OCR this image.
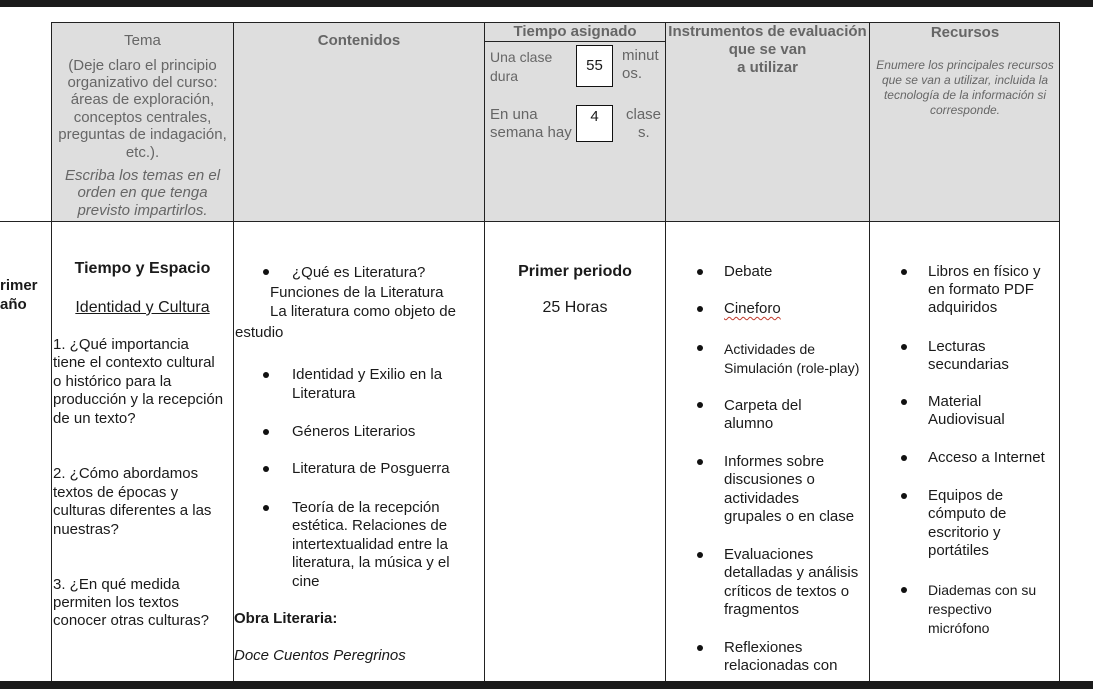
Tema
(Deje claro el principio
organizativo del curso:
áreas de exploración,
conceptos centrales,
preguntas de indagación,
etc.).
Escriba los temas en el
orden en que tenga
previsto impartirlos.
Contenidos
Tiempo asignado
Una clase
dura
55
minut
os.
En una
semana hay
4	clase
s.
Instrumentos de evaluación
que se van
a utilizar
Recursos
Enumere los principales recursos
que se van a utilizar, incluida la
tecnología de la información si
corresponde.
rimer
año
Tiempo y Espacio
Identidad y Cultura
1. ¿Qué importancia
tiene el contexto cultural
o histórico para la
producción y la recepción
de un texto?
2. ¿Cómo abordamos
textos de épocas y
culturas diferentes a las
nuestras?
3. ¿En qué medida
permiten los textos
conocer otras culturas?
¿Qué es Literatura?
Funciones de la Literatura
La literatura como objeto de
estudio
Identidad y Exilio en la
Literatura
Géneros Literarios
Literatura de Posguerra
Teoría de la recepción
estética. Relaciones de
intertextualidad entre la
literatura, la música y el
cine
Obra Literaria:
Doce Cuentos Peregrinos
Primer periodo
25 Horas
Debate
Cineforo
Actividades de
Simulación (role-play)
Carpeta del
alumno
Informes sobre
discusiones o
actividades
grupales o en clase
Evaluaciones
detalladas y análisis
críticos de textos o
fragmentos
Reflexiones
relacionadas con
Libros en físico y
en formato PDF
adquiridos
Lecturas
secundarias
Material
Audiovisual
Acceso a Internet
Equipos de
cómputo de
escritorio y
portátiles
Diademas con su
respectivo
micrófono
